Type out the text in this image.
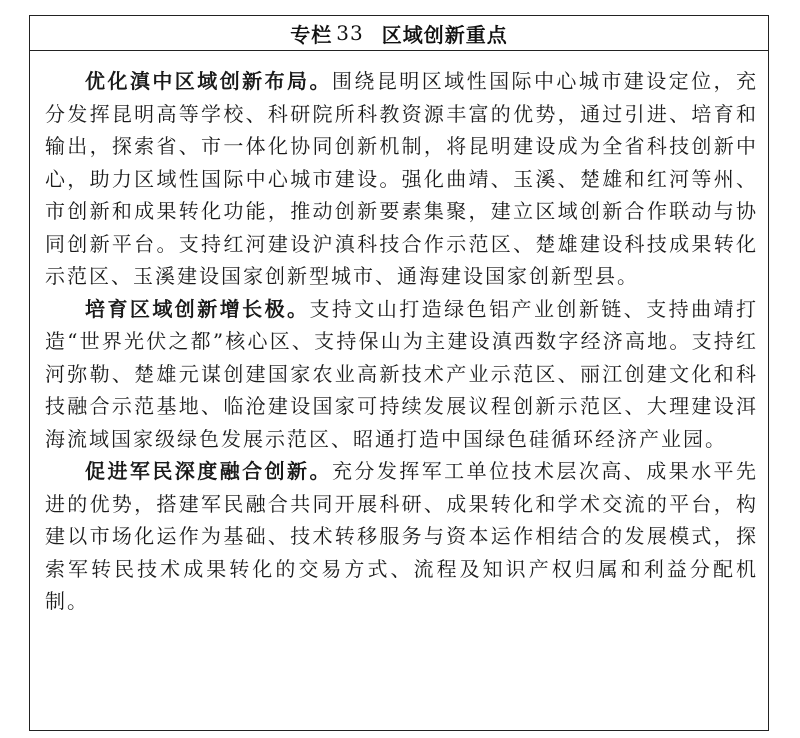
专栏 33 区域创新重点

优化滇中区域创新布局。围绕昆明区域性国际中心城市建设定位，充分发挥昆明高等学校、科研院所科教资源丰富的优势，通过引进、培育和输出，探索省、市一体化协同创新机制，将昆明建设成为全省科技创新中心，助力区域性国际中心城市建设。强化曲靖、玉溪、楚雄和红河等州、市创新和成果转化功能，推动创新要素集聚，建立区域创新合作联动与协同创新平台。支持红河建设沪滇科技合作示范区、楚雄建设科技成果转化示范区、玉溪建设国家创新型城市、通海建设国家创新型县。

培育区域创新增长极。支持文山打造绿色铝产业创新链、支持曲靖打造“世界光伏之都”核心区、支持保山为主建设滇西数字经济高地。支持红河弥勒、楚雄元谋创建国家农业高新技术产业示范区、丽江创建文化和科技融合示范基地、临沧建设国家可持续发展议程创新示范区、大理建设洱海流域国家级绿色发展示范区、昭通打造中国绿色硅循环经济产业园。

促进军民深度融合创新。充分发挥军工单位技术层次高、成果水平先进的优势，搭建军民融合共同开展科研、成果转化和学术交流的平台，构建以市场化运作为基础、技术转移服务与资本运作相结合的发展模式，探索军转民技术成果转化的交易方式、流程及知识产权归属和利益分配机制。
